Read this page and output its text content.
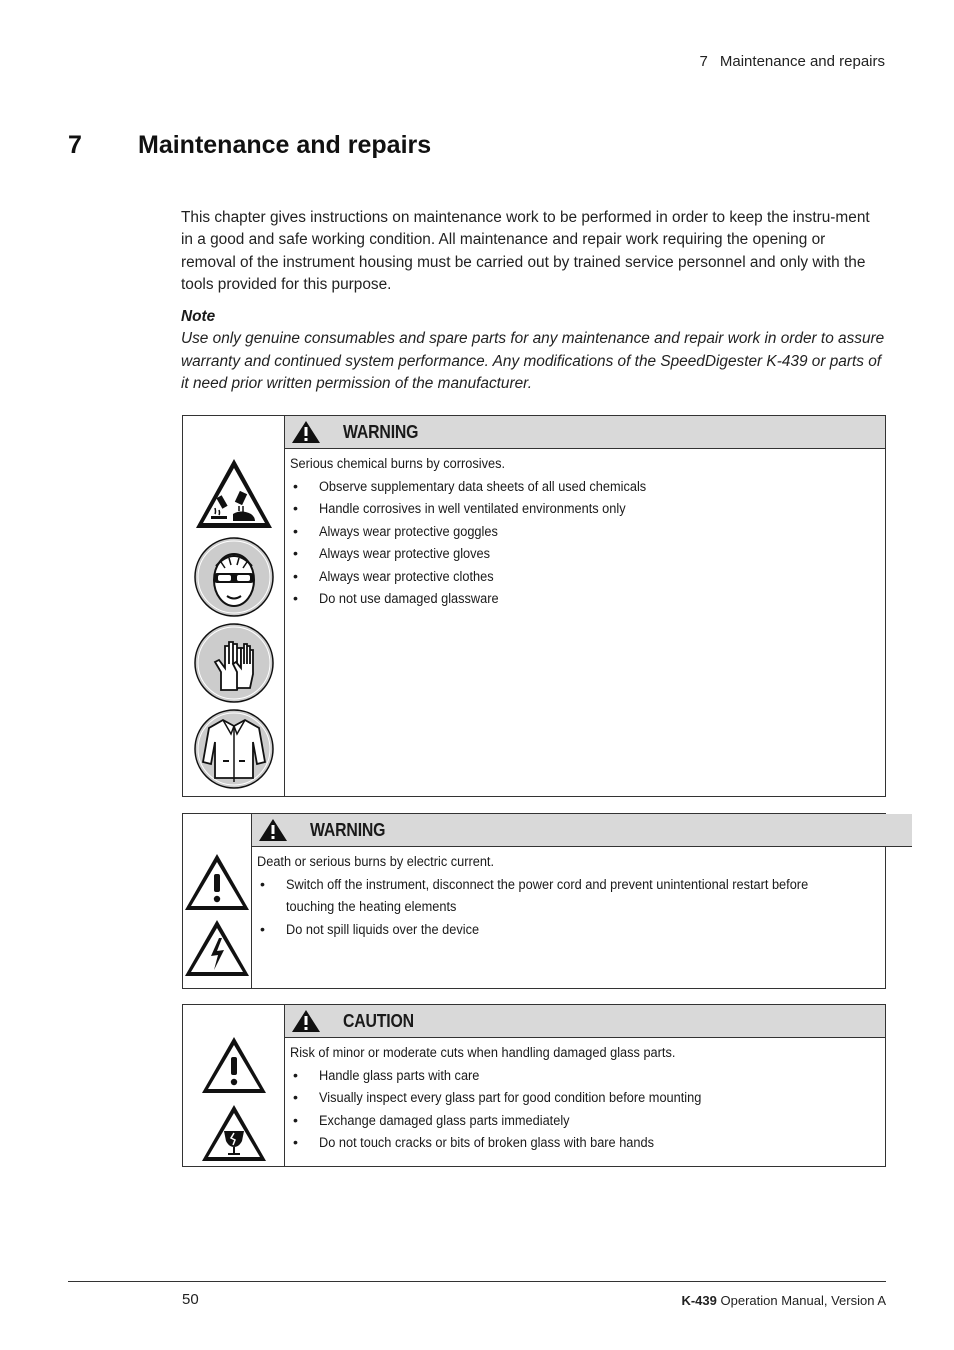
7 Maintenance and repairs
7 Maintenance and repairs

This chapter gives instructions on maintenance work to be performed in order to keep the instru-ment in a good and safe working condition. All maintenance and repair work requiring the opening or removal of the instrument housing must be carried out by trained service personnel and only with the tools provided for this purpose.

Note

Use only genuine consumables and spare parts for any maintenance and repair work in order to assure warranty and continued system performance. Any modifications of the SpeedDigester K-439 or parts of it need prior written permission of the manufacturer.

WARNING
Serious chemical burns by corrosives.
• Observe supplementary data sheets of all used chemicals
• Handle corrosives in well ventilated environments only
• Always wear protective goggles
• Always wear protective gloves
• Always wear protective clothes
• Do not use damaged glassware
WARNING
Death or serious burns by electric current.
• Switch off the instrument, disconnect the power cord and prevent unintentional restart before touching the heating elements
• Do not spill liquids over the device
CAUTION
Risk of minor or moderate cuts when handling damaged glass parts.
• Handle glass parts with care
• Visually inspect every glass part for good condition before mounting
• Exchange damaged glass parts immediately
• Do not touch cracks or bits of broken glass with bare hands
50	K-439 Operation Manual, Version A
